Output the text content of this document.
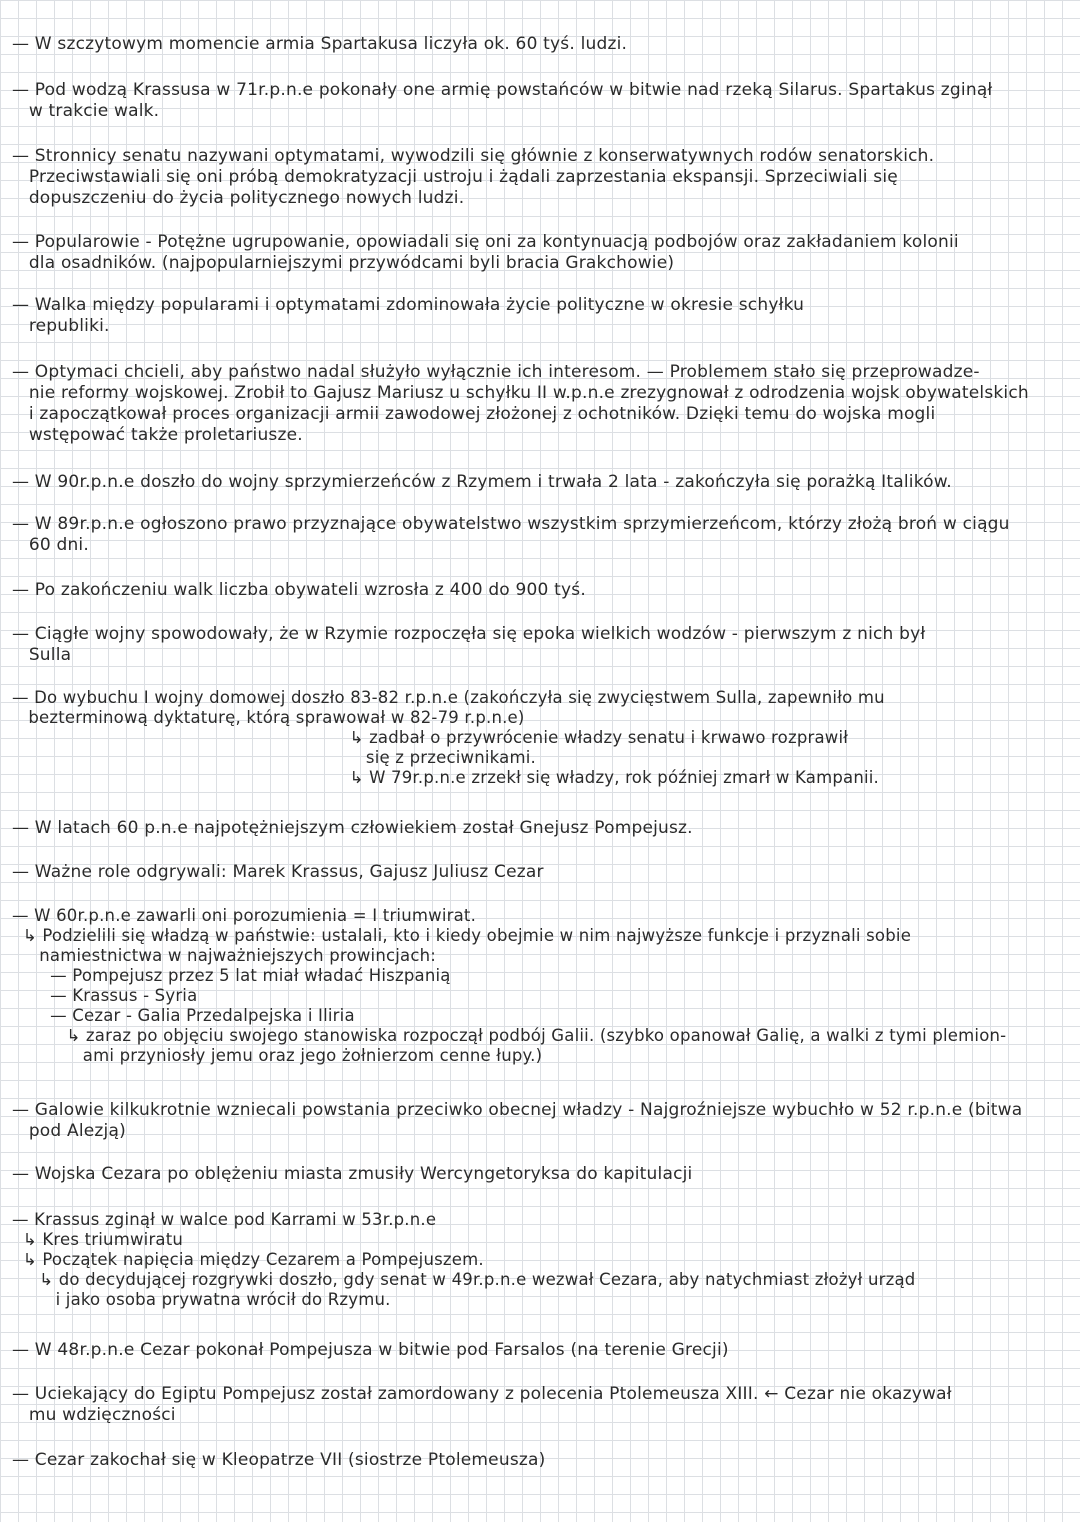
— W szczytowym momencie armia Spartakusa liczyła ok. 60 tyś. ludzi.
— Pod wodzą Krassusa w 71r.p.n.e pokonały one armię powstańców w bitwie nad rzeką Silarus. Spartakus zginął
w trakcie walk.
— Stronnicy senatu nazywani optymatami, wywodzili się głównie z konserwatywnych rodów senatorskich.
Przeciwstawiali się oni próbą demokratyzacji ustroju i żądali zaprzestania ekspansji. Sprzeciwiali się
dopuszczeniu do życia politycznego nowych ludzi.
— Popularowie - Potężne ugrupowanie, opowiadali się oni za kontynuacją podbojów oraz zakładaniem kolonii
dla osadników. (najpopularniejszymi przywódcami byli bracia Grakchowie)
— Walka między popularami i optymatami zdominowała życie polityczne w okresie schyłku
republiki.
— Optymaci chcieli, aby państwo nadal służyło wyłącznie ich interesom. — Problemem stało się przeprowadze-
nie reformy wojskowej. Zrobił to Gajusz Mariusz u schyłku II w.p.n.e zrezygnował z odrodzenia wojsk obywatelskich
i zapoczątkował proces organizacji armii zawodowej złożonej z ochotników. Dzięki temu do wojska mogli
wstępować także proletariusze.
— W 90r.p.n.e doszło do wojny sprzymierzeńców z Rzymem i trwała 2 lata - zakończyła się porażką Italików.
— W 89r.p.n.e ogłoszono prawo przyznające obywatelstwo wszystkim sprzymierzeńcom, którzy złożą broń w ciągu
60 dni.
— Po zakończeniu walk liczba obywateli wzrosła z 400 do 900 tyś.
— Ciągłe wojny spowodowały, że w Rzymie rozpoczęła się epoka wielkich wodzów - pierwszym z nich był
Sulla
— Do wybuchu I wojny domowej doszło 83-82 r.p.n.e (zakończyła się zwycięstwem Sulla, zapewniło mu
bezterminową dyktaturę, którą sprawował w 82-79 r.p.n.e)
↳ zadbał o przywrócenie władzy senatu i krwawo rozprawił
się z przeciwnikami.
↳ W 79r.p.n.e zrzekł się władzy, rok później zmarł w Kampanii.
— W latach 60 p.n.e najpotężniejszym człowiekiem został Gnejusz Pompejusz.
— Ważne role odgrywali: Marek Krassus, Gajusz Juliusz Cezar
— W 60r.p.n.e zawarli oni porozumienia = I triumwirat.
↳ Podzielili się władzą w państwie: ustalali, kto i kiedy obejmie w nim najwyższe funkcje i przyznali sobie
namiestnictwa w najważniejszych prowincjach:
— Pompejusz przez 5 lat miał władać Hiszpanią
— Krassus - Syria
— Cezar - Galia Przedalpejska i Iliria
↳ zaraz po objęciu swojego stanowiska rozpoczął podbój Galii. (szybko opanował Galię, a walki z tymi plemion-
ami przyniosły jemu oraz jego żołnierzom cenne łupy.)
— Galowie kilkukrotnie wzniecali powstania przeciwko obecnej władzy - Najgroźniejsze wybuchło w 52 r.p.n.e (bitwa
pod Alezją)
— Wojska Cezara po oblężeniu miasta zmusiły Wercyngetoryksa do kapitulacji
— Krassus zginął w walce pod Karrami w 53r.p.n.e
↳ Kres triumwiratu
↳ Początek napięcia między Cezarem a Pompejuszem.
↳ do decydującej rozgrywki doszło, gdy senat w 49r.p.n.e wezwał Cezara, aby natychmiast złożył urząd
i jako osoba prywatna wrócił do Rzymu.
— W 48r.p.n.e Cezar pokonał Pompejusza w bitwie pod Farsalos (na terenie Grecji)
— Uciekający do Egiptu Pompejusz został zamordowany z polecenia Ptolemeusza XIII. ← Cezar nie okazywał
mu wdzięczności
— Cezar zakochał się w Kleopatrze VII (siostrze Ptolemeusza)
